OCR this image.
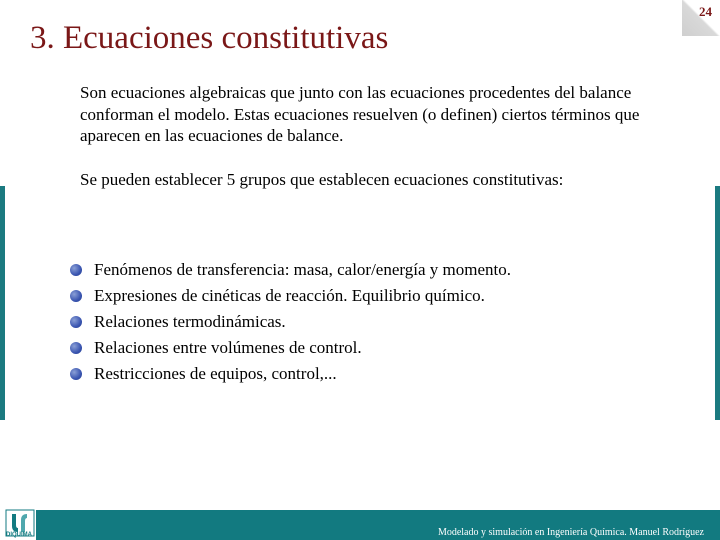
24
3. Ecuaciones constitutivas

Son ecuaciones algebraicas que junto con las ecuaciones procedentes del balance conforman el modelo. Estas ecuaciones resuelven (o definen) ciertos términos que aparecen en las ecuaciones de balance.

Se pueden establecer 5 grupos que establecen ecuaciones constitutivas:

Fenómenos de transferencia: masa, calor/energía y momento.
Expresiones de cinéticas de reacción. Equilibrio químico.
Relaciones termodinámicas.
Relaciones entre volúmenes de control.
Restricciones de equipos, control,...
Modelado y simulación en Ingeniería Química. Manuel Rodríguez
DIQUIMA
